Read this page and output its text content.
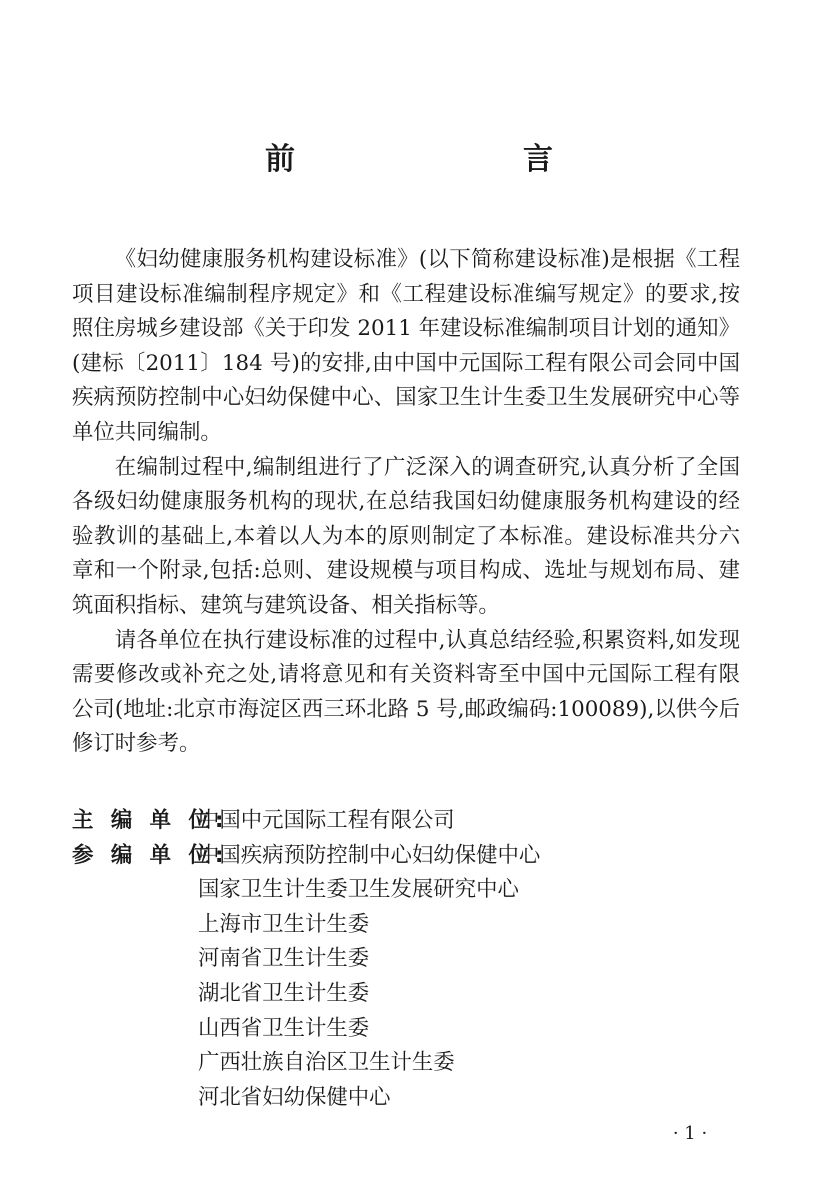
前　　言

《妇幼健康服务机构建设标准》(以下简称建设标准)是根据《工程项目建设标准编制程序规定》和《工程建设标准编写规定》的要求,按照住房城乡建设部《关于印发 2011 年建设标准编制项目计划的通知》(建标〔2011〕184 号)的安排,由中国中元国际工程有限公司会同中国疾病预防控制中心妇幼保健中心、国家卫生计生委卫生发展研究中心等单位共同编制。

在编制过程中,编制组进行了广泛深入的调查研究,认真分析了全国各级妇幼健康服务机构的现状,在总结我国妇幼健康服务机构建设的经验教训的基础上,本着以人为本的原则制定了本标准。建设标准共分六章和一个附录,包括:总则、建设规模与项目构成、选址与规划布局、建筑面积指标、建筑与建筑设备、相关指标等。

请各单位在执行建设标准的过程中,认真总结经验,积累资料,如发现需要修改或补充之处,请将意见和有关资料寄至中国中元国际工程有限公司(地址:北京市海淀区西三环北路 5 号,邮政编码:100089),以供今后修订时参考。

主 编 单 位:
中国中元国际工程有限公司
参 编 单 位:
中国疾病预防控制中心妇幼保健中心
国家卫生计生委卫生发展研究中心
上海市卫生计生委
河南省卫生计生委
湖北省卫生计生委
山西省卫生计生委
广西壮族自治区卫生计生委
河北省妇幼保健中心
· 1 ·
